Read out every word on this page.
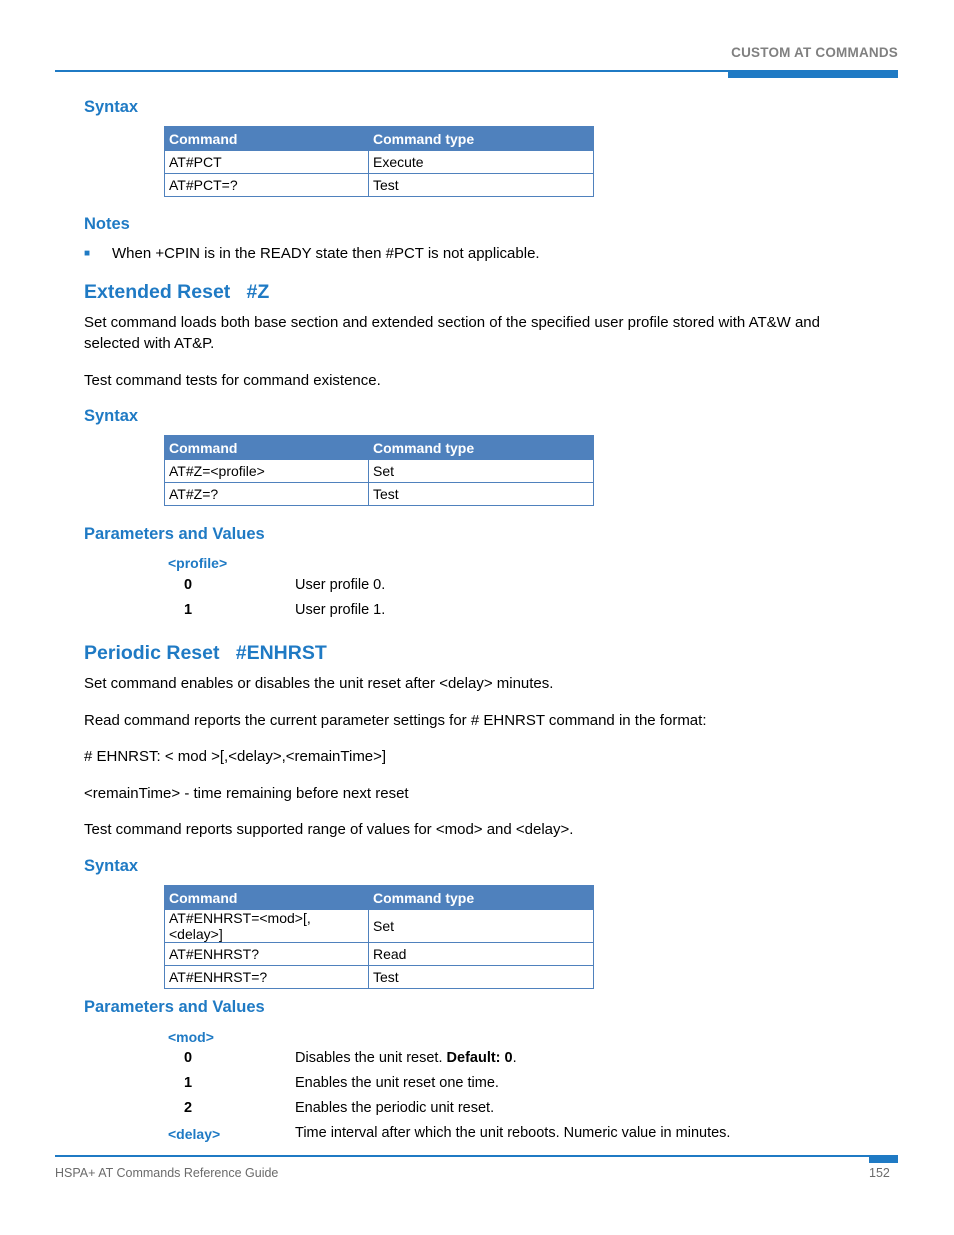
CUSTOM AT COMMANDS
Syntax
Command	Command type
AT#PCT	Execute
AT#PCT=?	Test
Notes
■ When +CPIN is in the READY state then #PCT is not applicable.
Extended Reset   #Z
Set command loads both base section and extended section of the specified user profile stored with AT&W and selected with AT&P.
Test command tests for command existence.
Syntax
Command	Command type
AT#Z=<profile>	Set
AT#Z=?	Test
Parameters and Values
<profile>
0	User profile 0.
1	User profile 1.
Periodic Reset   #ENHRST
Set command enables or disables the unit reset after <delay> minutes.
Read command reports the current parameter settings for # EHNRST command in the format:
# EHNRST: < mod >[,<delay>,<remainTime>]
<remainTime> - time remaining before next reset
Test command reports supported range of values for <mod> and <delay>.
Syntax
Command	Command type
AT#ENHRST=<mod>[,<delay>]	Set
AT#ENHRST?	Read
AT#ENHRST=?	Test
Parameters and Values
<mod>
0	Disables the unit reset. Default: 0.
1	Enables the unit reset one time.
2	Enables the periodic unit reset.
<delay>	Time interval after which the unit reboots. Numeric value in minutes.
HSPA+ AT Commands Reference Guide	152
